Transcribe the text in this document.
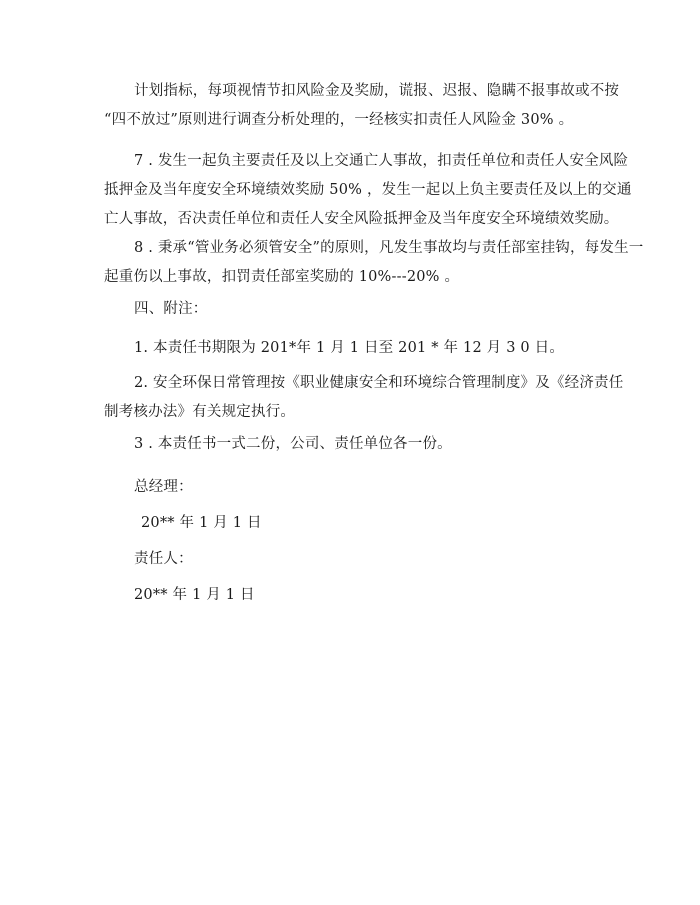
计划指标，每项视情节扣风险金及奖励，谎报、迟报、隐瞒不报事故或不按
“四不放过”原则进行调查分析处理的，一经核实扣责任人风险金 30% 。
7 . 发生一起负主要责任及以上交通亡人事故，扣责任单位和责任人安全风险
抵押金及当年度安全环境绩效奖励 50% ，发生一起以上负主要责任及以上的交通
亡人事故，否决责任单位和责任人安全风险抵押金及当年度安全环境绩效奖励。
8 . 秉承“管业务必须管安全”的原则，凡发生事故均与责任部室挂钩，每发生一
起重伤以上事故，扣罚责任部室奖励的 10%---20% 。
四、附注：
1. 本责任书期限为 201*年 1 月 1 日至 201 * 年 12 月 3 0 日。
2. 安全环保日常管理按《职业健康安全和环境综合管理制度》及《经济责任
制考核办法》有关规定执行。
3 . 本责任书一式二份，公司、责任单位各一份。
总经理：
20** 年 1 月 1 日
责任人：
20** 年 1 月 1 日
